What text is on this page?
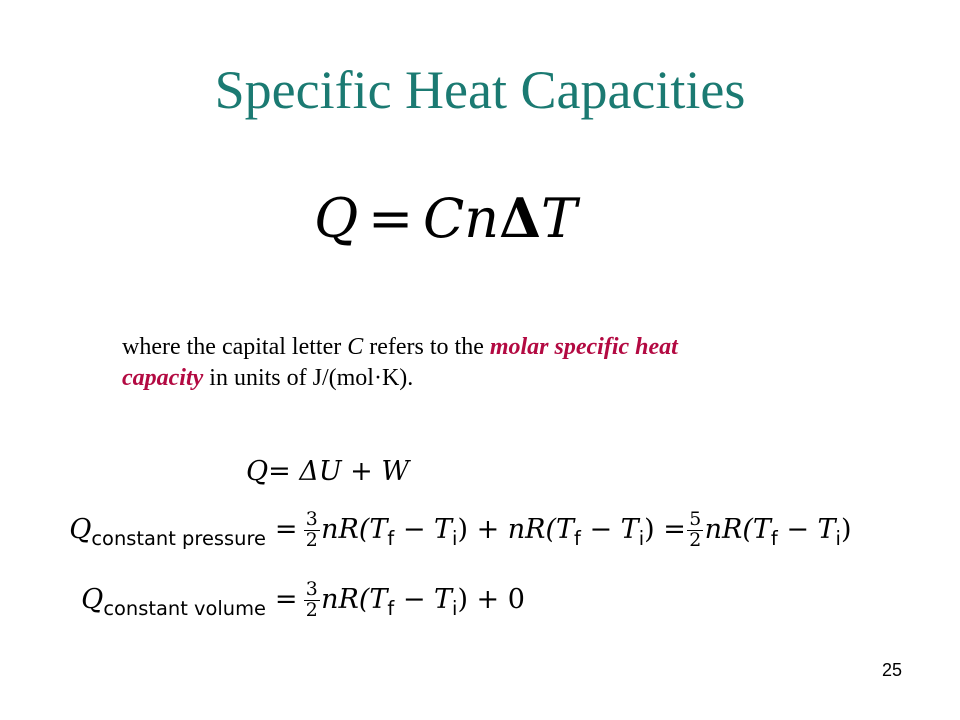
Specific Heat Capacities
Q = CnΔT
where the capital letter C refers to the molar specific heat
capacity in units of J/(mol·K).
Q= ΔU + W
$Q_{constant pressure} = \frac{3}{2} nR(T_f - T_i) + nR(T_f - T_i) = \frac{5}{2} nR(T_f - T_i)$
$Q_{constant volume} = \frac{3}{2} nR(T_f - T_i) + 0$
25
